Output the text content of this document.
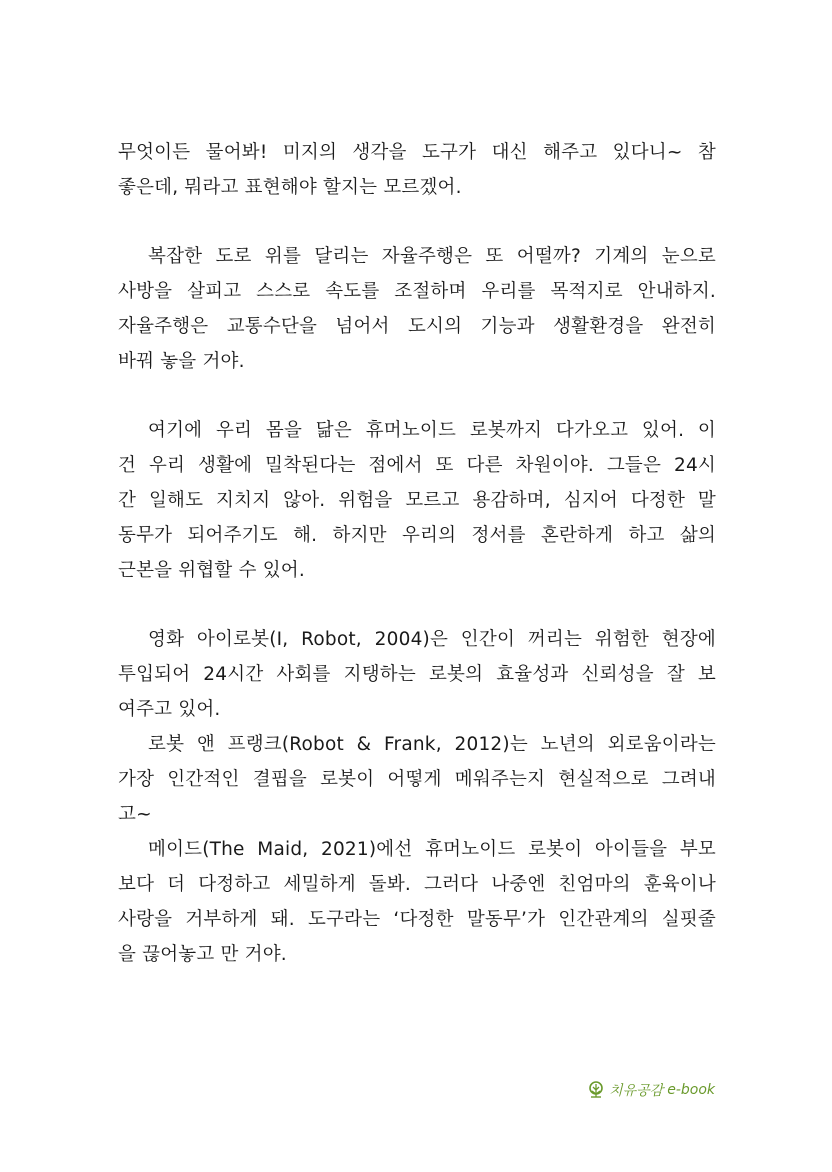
무엇이든 물어봐! 미지의 생각을 도구가 대신 해주고 있다니~ 참
좋은데, 뭐라고 표현해야 할지는 모르겠어.
복잡한 도로 위를 달리는 자율주행은 또 어떨까? 기계의 눈으로
사방을 살피고 스스로 속도를 조절하며 우리를 목적지로 안내하지.
자율주행은 교통수단을 넘어서 도시의 기능과 생활환경을 완전히
바꿔 놓을 거야.
여기에 우리 몸을 닮은 휴머노이드 로봇까지 다가오고 있어. 이
건 우리 생활에 밀착된다는 점에서 또 다른 차원이야. 그들은 24시
간 일해도 지치지 않아. 위험을 모르고 용감하며, 심지어 다정한 말
동무가 되어주기도 해. 하지만 우리의 정서를 혼란하게 하고 삶의
근본을 위협할 수 있어.
영화 아이로봇(I, Robot, 2004)은 인간이 꺼리는 위험한 현장에
투입되어 24시간 사회를 지탱하는 로봇의 효율성과 신뢰성을 잘 보
여주고 있어.
로봇 앤 프랭크(Robot & Frank, 2012)는 노년의 외로움이라는
가장 인간적인 결핍을 로봇이 어떻게 메워주는지 현실적으로 그려내
고~
메이드(The Maid, 2021)에선 휴머노이드 로봇이 아이들을 부모
보다 더 다정하고 세밀하게 돌봐. 그러다 나중엔 친엄마의 훈육이나
사랑을 거부하게 돼. 도구라는 ‘다정한 말동무’가 인간관계의 실핏줄
을 끊어놓고 만 거야.
치유공감 e-book
